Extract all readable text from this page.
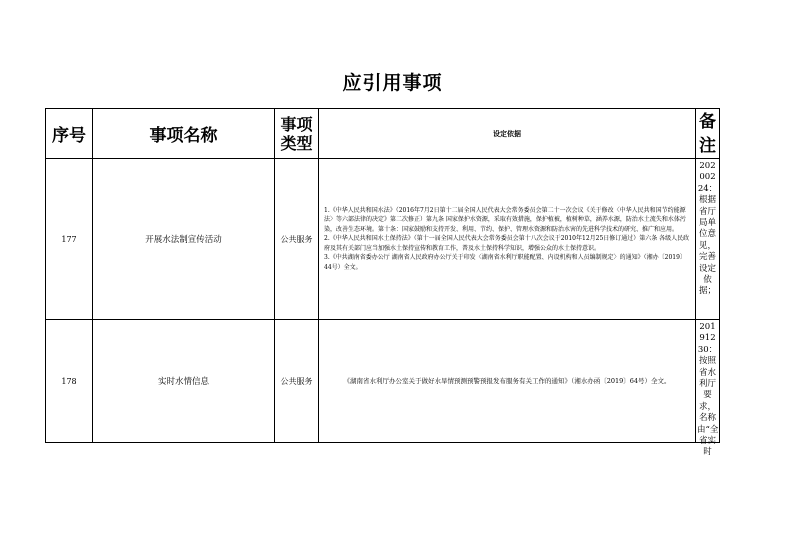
应引用事项
序号	事项名称	事项类型	设定依据	备注
177	开展水法制宣传活动	公共服务	1.《中华人民共和国水法》（2016年7月2日第十二届全国人民代表大会常务委员会第二十一次会议《关于修改〈中华人民共和国节约能源法〉等六部法律的决定》第二次修正）第九条 国家保护水资源，采取有效措施，保护植被，植树种草，涵养水源，防治水土流失和水体污染，改善生态环境。第十条：国家鼓励和支持开发、利用、节约、保护、管理水资源和防治水害的先进科学技术的研究、推广和应用。

2.《中华人民共和国水土保持法》（第十一届全国人民代表大会常务委员会第十八次会议于2010年12月25日修订通过）第六条 各级人民政府及其有关部门应当加强水土保持宣传和教育工作，普及水土保持科学知识，增强公众的水土保持意识。

3.《中共湖南省委办公厅 湖南省人民政府办公厅关于印发〈湖南省水利厅职能配置、内设机构和人员编制规定〉的通知》（湘办〔2019〕44号）全文。	20200224：根据省厅局单位意见，完善设定依据；

178	实时水情信息	公共服务	《湖南省水利厅办公室关于做好水旱情预测预警预报发布服务有关工作的通知》（湘水办函〔2019〕64号）全文。	20191230：按照省水利厅要求，名称由“全省实时
